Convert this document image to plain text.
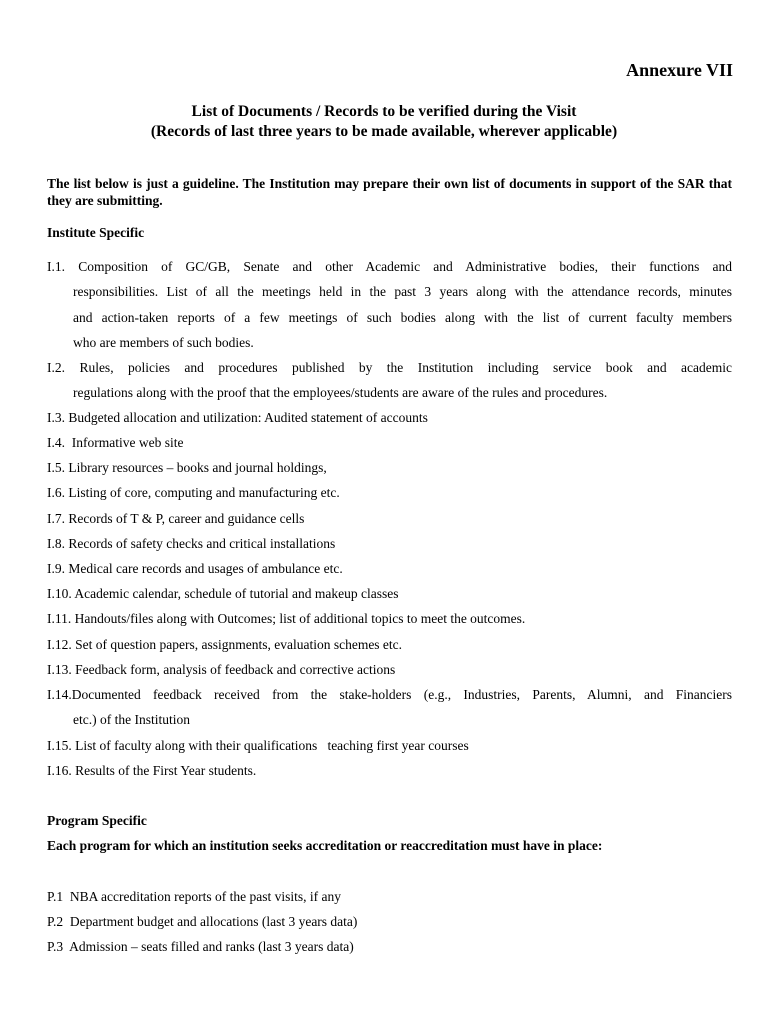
Annexure VII
List of Documents / Records to be verified during the Visit
(Records of last three years to be made available, wherever applicable)
The list below is just a guideline. The Institution may prepare their own list of documents in support of the SAR that they are submitting.
Institute Specific
I.1. Composition of GC/GB, Senate and other Academic and Administrative bodies, their functions and
responsibilities. List of all the meetings held in the past 3 years along with the attendance records, minutes
and action-taken reports of a few meetings of such bodies along with the list of current faculty members
who are members of such bodies.
I.2. Rules, policies and procedures published by the Institution including service book and academic
regulations along with the proof that the employees/students are aware of the rules and procedures.
I.3. Budgeted allocation and utilization: Audited statement of accounts
I.4.  Informative web site
I.5. Library resources – books and journal holdings,
I.6. Listing of core, computing and manufacturing etc.
I.7. Records of T & P, career and guidance cells
I.8. Records of safety checks and critical installations
I.9. Medical care records and usages of ambulance etc.
I.10. Academic calendar, schedule of tutorial and makeup classes
I.11. Handouts/files along with Outcomes; list of additional topics to meet the outcomes.
I.12. Set of question papers, assignments, evaluation schemes etc.
I.13. Feedback form, analysis of feedback and corrective actions
I.14.Documented feedback received from the stake-holders (e.g., Industries, Parents, Alumni, and Financiers
etc.) of the Institution
I.15. List of faculty along with their qualifications   teaching first year courses
I.16. Results of the First Year students.
Program Specific
Each program for which an institution seeks accreditation or reaccreditation must have in place:
P.1 NBA accreditation reports of the past visits, if any
P.2 Department budget and allocations (last 3 years data)
P.3 Admission – seats filled and ranks (last 3 years data)
